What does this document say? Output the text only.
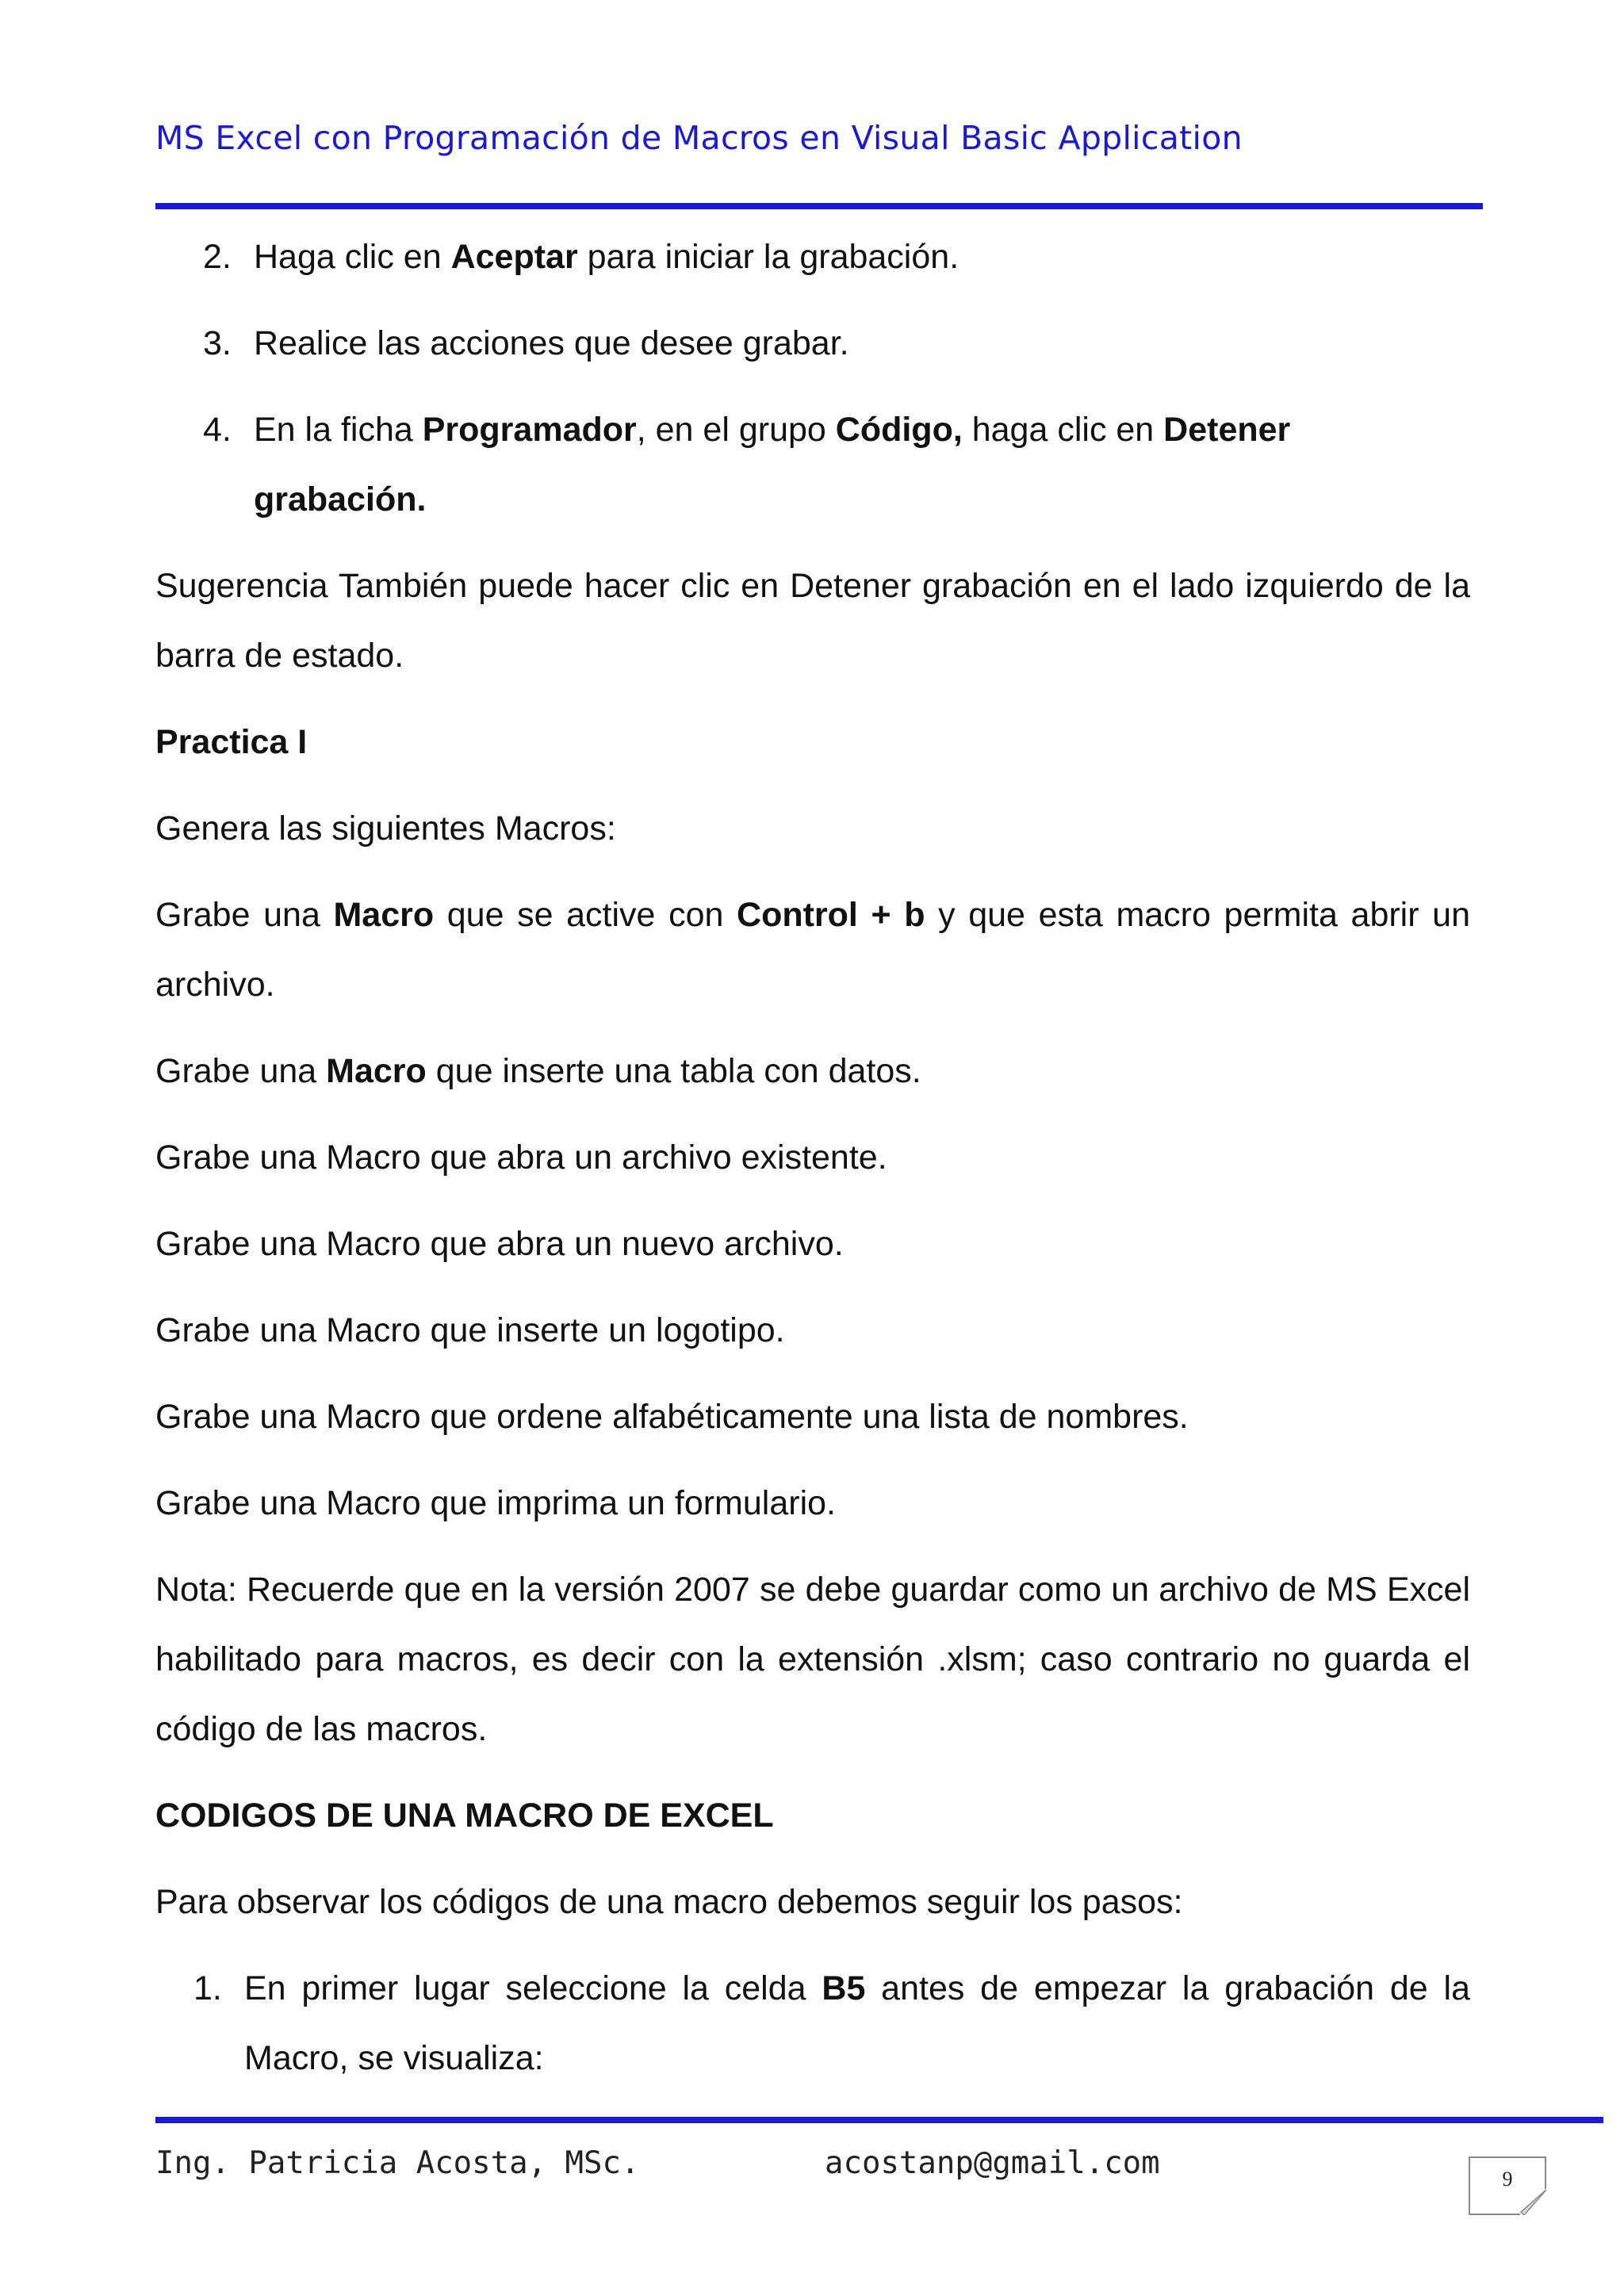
MS Excel con Programación de Macros en Visual Basic Application
2. Haga clic en Aceptar para iniciar la grabación.
3. Realice las acciones que desee grabar.
4. En la ficha Programador, en el grupo Código, haga clic en Detener grabación.

Sugerencia También puede hacer clic en Detener grabación en el lado izquierdo de la barra de estado.

Practica I

Genera las siguientes Macros:

Grabe una Macro que se active con Control + b y que esta macro permita abrir un archivo.

Grabe una Macro que inserte una tabla con datos.

Grabe una Macro que abra un archivo existente.

Grabe una Macro que abra un nuevo archivo.

Grabe una Macro que inserte un logotipo.

Grabe una Macro que ordene alfabéticamente una lista de nombres.

Grabe una Macro que imprima un formulario.

Nota: Recuerde que en la versión 2007 se debe guardar como un archivo de MS Excel habilitado para macros, es decir con la extensión .xlsm; caso contrario no guarda el código de las macros.

CODIGOS DE UNA MACRO DE EXCEL

Para observar los códigos de una macro debemos seguir los pasos:

1. En primer lugar seleccione la celda B5 antes de empezar la grabación de la Macro, se visualiza:
Ing. Patricia Acosta, MSc.	acostanp@gmail.com	9
